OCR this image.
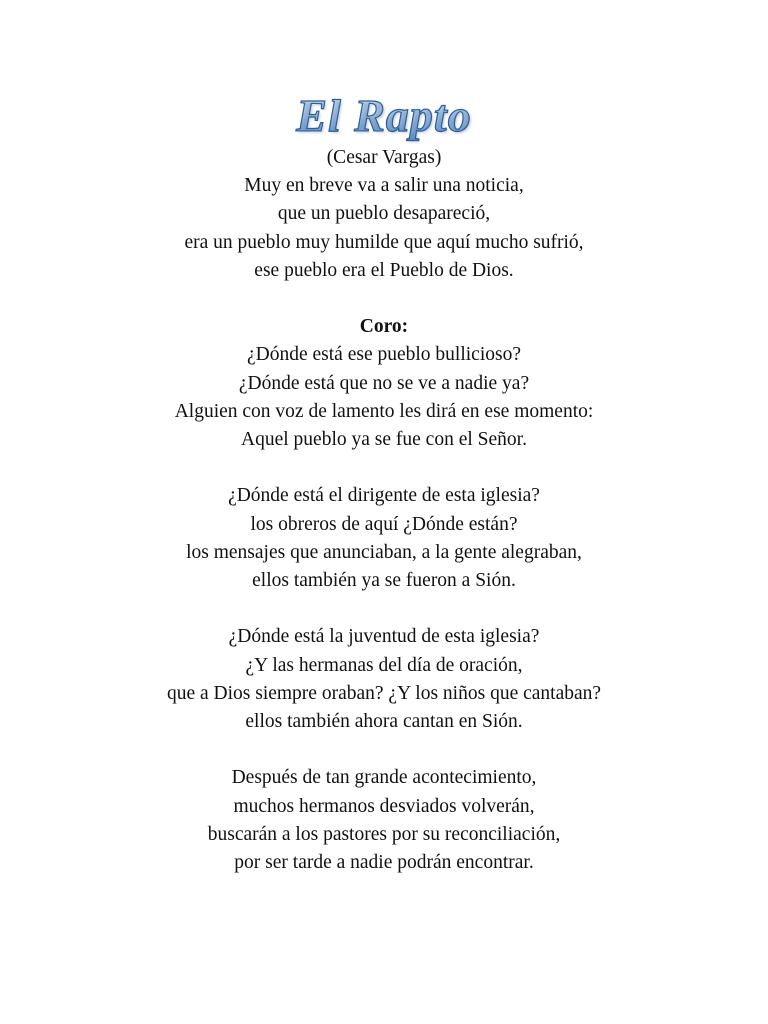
El Rapto
(Cesar Vargas)
Muy en breve va a salir una noticia,
que un pueblo desapareció,
era un pueblo muy humilde que aquí mucho sufrió,
ese pueblo era el Pueblo de Dios.
Coro:
¿Dónde está ese pueblo bullicioso?
¿Dónde está que no se ve a nadie ya?
Alguien con voz de lamento les dirá en ese momento:
Aquel pueblo ya se fue con el Señor.
¿Dónde está el dirigente de esta iglesia?
los obreros de aquí ¿Dónde están?
los mensajes que anunciaban, a la gente alegraban,
ellos también ya se fueron a Sión.
¿Dónde está la juventud de esta iglesia?
¿Y las hermanas del día de oración,
que a Dios siempre oraban? ¿Y los niños que cantaban?
ellos también ahora cantan en Sión.
Después de tan grande acontecimiento,
muchos hermanos desviados volverán,
buscarán a los pastores por su reconciliación,
por ser tarde a nadie podrán encontrar.
